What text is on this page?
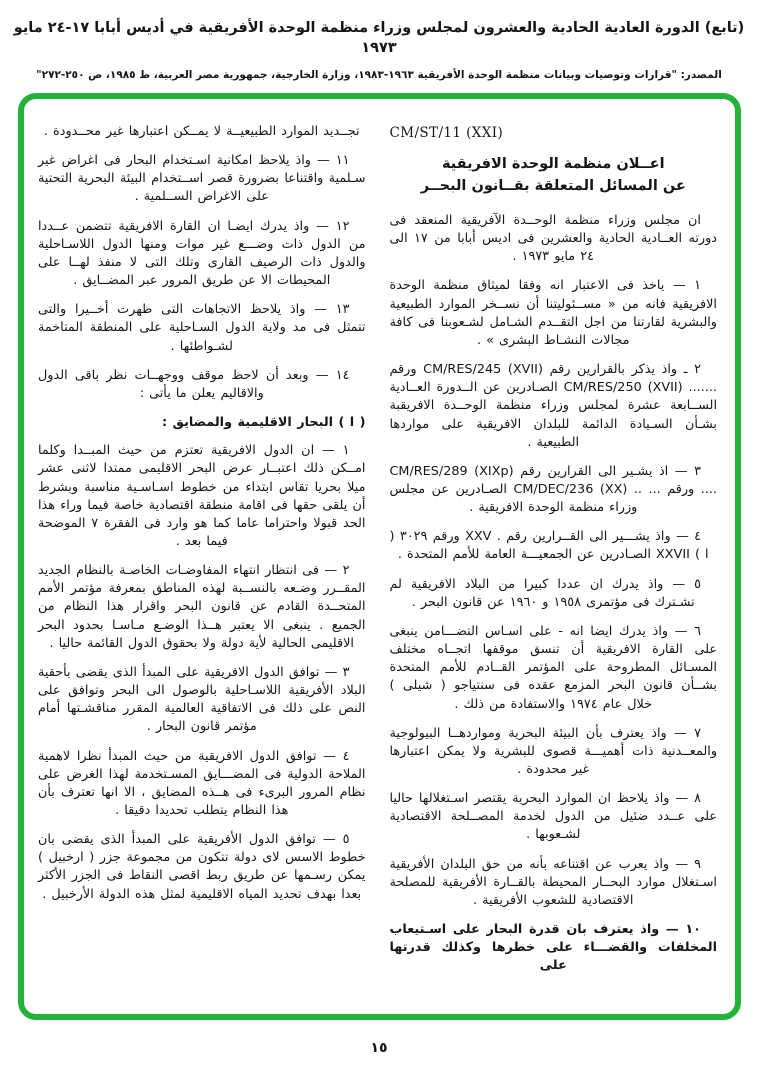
(تابع) الدورة العادية الحادية والعشرون لمجلس وزراء منظمة الوحدة الأفريقية في أديس أبابا ١٧-٢٤ مايو ١٩٧٣
المصدر: "قرارات وتوصيات وبيانات منظمة الوحدة الأفريقية ١٩٦٣-١٩٨٣، وزارة الخارجية، جمهورية مصر العربية، ط ١٩٨٥، ص ٢٥٠-٢٧٢"
CM/ST/11 (XXI)
اعــلان منظمة الوحدة الافريقية
عن المسائل المتعلقة بقــانون البحــر

ان مجلس وزراء منظمة الوحــدة الآفريقية المنعقد فى دورته العــادية الحادية والعشرين فى اديس أبابا من ١٧ الى ٢٤ مايو ١٩٧٣ .

١ — ياخذ فى الاعتبار انه وفقا لميثاق منظمة الوحدة الافريقية فانه من « مســئوليتنا أن نســخر الموارد الطبيعية والبشرية لقارتنا من اجل التقــدم الشـامل لشـعوبنا فى كافة مجالات النشـاط البشرى » .

٢ ـ واذ يذكر بالقرارين رقم CM/RES/245 (XVII) ورقم ....... CM/RES/250 (XVII) الصـادرين عن الــدورة العــادية الســابعة عشرة لمجلس وزراء منظمة الوحــدة الافريقبة بشـأن السـيادة الدائمة للبلدان الافريقية على مواردها الطبيعية .

٣ — اذ يشـير الى القرارين رقم CM/RES/289 (XIXp) .... ورقم ... .. CM/DEC/236 (XX) الصـادرين عن مجلس وزراء منظمة الوحدة الافريقية .

٤ — واذ يشـــير الى القــرارين رقم . XXV ورقم ٣٠٢٩ ( ا ) XXVII الصـادرين عن الجمعيـــة العامة للأمم المتحدة .

٥ — واذ يدرك ان عددا كبيرا من البلاد الافريقية لم تشـترك فى مؤتمرى ١٩٥٨ و ١٩٦٠ عن قانون البحر .

٦ — واذ يدرك ايضا انه - على اسـاس التضـــامن ينبغى على القارة الافريقية أن تنسق موقفها اتجــاه مختلف المسـائل المطروحة على المؤتمر القــادم للأمم المتحدة بشــأن قانون البحر المزمع عقده فى سنتياجو ( شيلى ) خلال عام ١٩٧٤ والاستفادة من ذلك .

٧ — واذ يعترف بأن البيئة البحرية ومواردهــا البيولوجية والمعــدنية ذات أهميـــة قصوى للبشرية ولا يمكن اعتبارها غير محدودة .

٨ — واذ يلاحظ ان الموارد البحرية يقتصر اسـتغلالها حاليا على عــدد ضئيل من الدول لخدمة المصــلحة الاقتصادية لشـعوبها .

٩ — واذ يعرب عن اقتناعه بأنه من حق البلدان الأفريقية اسـتغلال موارد البحــار المحيطة بالقــارة الأفريقية للمصلحة الاقتصادية للشعوب الأفريقية .

١٠ — واذ يعترف بان قدرة البحار على اسـتيعاب المخلفات والقضـــاء على خطرها وكذلك قدرتها على

تجــديد الموارد الطبيعيــة لا يمــكن اعتبارها غير محــدودة .

١١ — واذ يلاحظ امكانية اسـتخدام البحار فى اغراض غير سـلمية واقتناعا بضرورة قصر اســتخدام البيئة البحرية التحتية على الاغراض الســلمية .

١٢ — واذ يدرك ايضـا ان القارة الافريقية تتضمن عــددا من الدول ذات وضـــع غير موات ومنها الدول اللاسـاحلية والدول ذات الرصيف القارى وتلك التى لا منفذ لهــا على المحيطات الا عن طريق المرور عبر المضــايق .

١٣ — واذ يلاحظ الاتجاهات التى ظهرت أخــيرا والتى تتمثل فى مد ولاية الدول السـاحلية على المنطقة المتاخمة لشـواطئها .

١٤ — وبعد أن لاحظ موقف ووجهــات نظر باقى الدول والاقاليم يعلن ما يأتى :

( ا ) البحار الاقليمية والمضايق :

١ — ان الدول الافريقية تعتزم من حيث المبــدا وكلما امــكن ذلك اعتبــار عرض البحر الاقليمى ممتدا لاثنى عشر ميلا بحريا تقاس ابتداء من خطوط اسـاسـية مناسبة وبشرط أن يلقى حقها فى اقامة منطقة اقتصادية خاصة فيما وراء هذا الحد قبولا واحتراما عاما كما هو وارد فى الفقرة ٧ الموضحة فيما بعد .

٢ — فى انتظار انتهاء المفاوضـات الخاصـة بالنظام الجديد المقــرر وضـعه بالنســبة لهذه المناطق بمعرفة مؤتمر الأمم المتحــدة القادم عن قانون البحر واقرار هذا النظام من الجميع . ينبغى الا يعتبر هــذا الوضـع مـاسـا بحدود البحر الاقليمى الحالية لأية دولة ولا بحقوق الدول القائمة حاليا .

٣ — توافق الدول الافريقية على المبدأ الذى يقضى بأحقية البلاد الأفريقية اللاسـاحلية بالوصول الى البحر وتوافق على النص على ذلك فى الاتفاقية العالمية المقرر مناقشـتها أمام مؤتمر قانون البحار .

٤ — توافق الدول الافريقية من حيث المبدأ نظرا لاهمية الملاحة الدولية فى المضـــايق المسـتخدمة لهذا الغرض على نظام المرور البرىء فى هــذه المضايق ، الا انها تعترف بأن هذا النظام يتطلب تحديدا دقيقا .

٥ — توافق الدول الأفريقية على المبدأ الذى يقضى بان خطوط الاسس لاى دولة تتكون من مجموعة جزر ( ارخبيل ) يمكن رسـمها عن طريق ربط اقصى النقاط فى الجزر الأكثر بعدا بهدف تحديد المياه الاقليمية لمثل هذه الدولة الأرخبيل .

١٥
